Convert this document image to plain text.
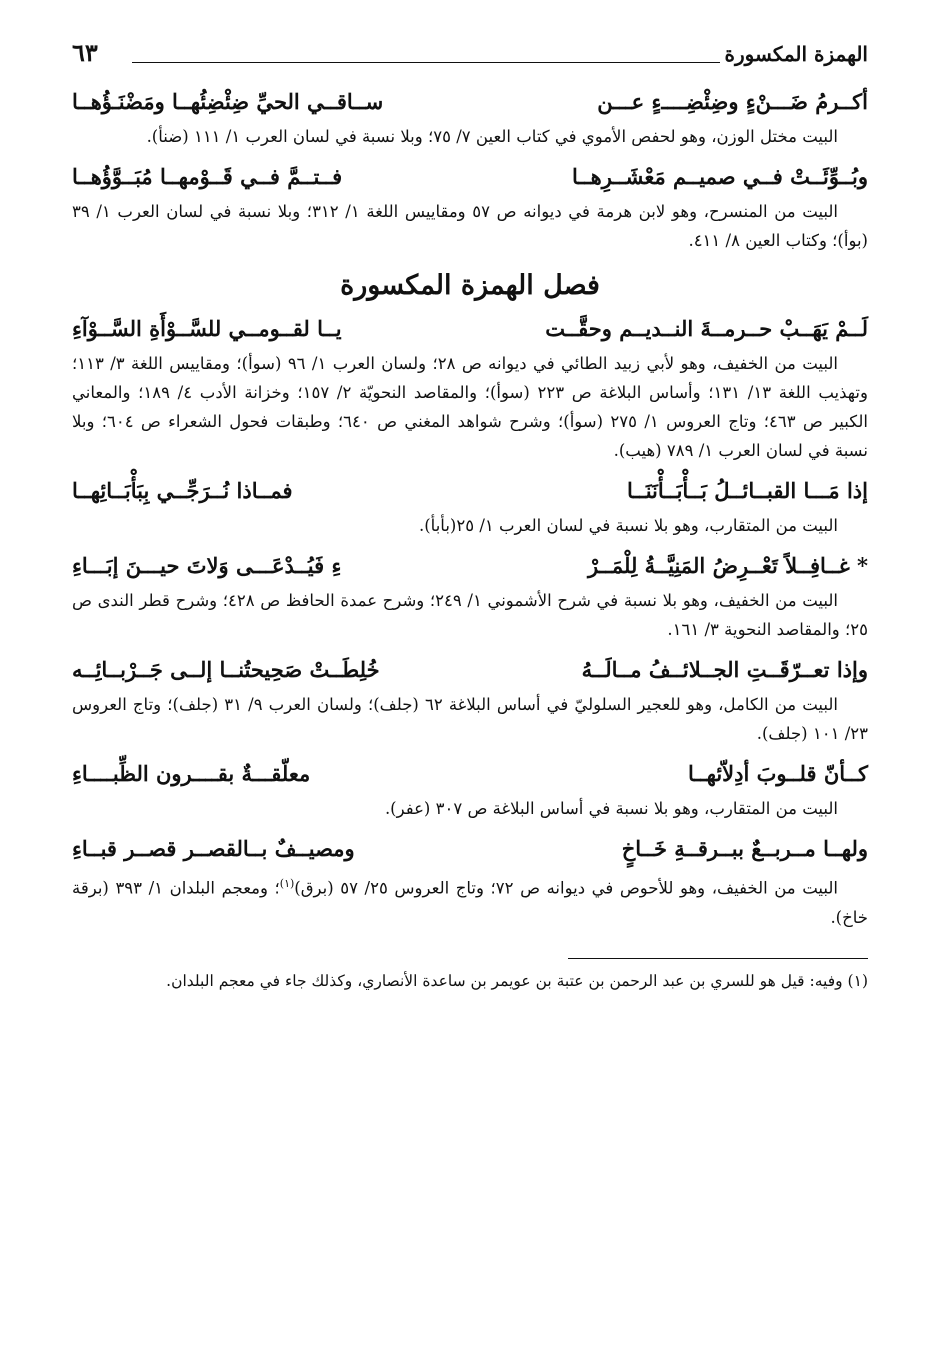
الهمزة المكسورة
٦٣
أكــرمُ ضَـــنْءٍ وضِئْضِــــءٍ عـــن
ســاقــي الحيِّ ضِئْضِئُهــا ومَضْنَـؤُهــا
البيت مختل الوزن، وهو لحفص الأموي في كتاب العين ٧/ ٧٥؛ وبلا نسبة في لسان العرب ١/ ١١١ (ضنأ).
وبُــوِّئَــتْ فــي صميــم مَعْشَــرِهــا
فــتــمَّ فــي قَــوْمهــا مُبَــوَّؤُهــا
البيت من المنسرح، وهو لابن هرمة في ديوانه ص ٥٧ ومقاييس اللغة ١/ ٣١٢؛ وبلا نسبة في لسان العرب ١/ ٣٩ (بوأ)؛ وكتاب العين ٨/ ٤١١.
فصل الهمزة المكسورة
لَــمْ يَهَــبْ حــرمــةَ النــديــم وحقَّــت
يــا لقــومــي للسَّــوْأَةِ السَّــوْآءِ
البيت من الخفيف، وهو لأبي زبيد الطائي في ديوانه ص ٢٨؛ ولسان العرب ١/ ٩٦ (سوأ)؛ ومقاييس اللغة ٣/ ١١٣؛ وتهذيب اللغة ١٣/ ١٣١؛ وأساس البلاغة ص ٢٢٣ (سوأ)؛ والمقاصد النحويّة ٢/ ١٥٧؛ وخزانة الأدب ٤/ ١٨٩؛ والمعاني الكبير ص ٤٦٣؛ وتاج العروس ١/ ٢٧٥ (سوأ)؛ وشرح شواهد المغني ص ٦٤٠؛ وطبقات فحول الشعراء ص ٦٠٤؛ وبلا نسبة في لسان العرب ١/ ٧٨٩ (هيب).
إذا مَـــا القبــائــلُ بَــأْبَــأْنَنَــا
فمــاذا نُــرَجِّــي بِبَأْبَــائِهــا
البيت من المتقارب، وهو بلا نسبة في لسان العرب ١/ ٢٥(بأبأ).
* غــافِــلاً تَعْــرِضُ المَنِيَّــةُ لِلْمَــرْ
ءِ فَيُــدْعَـــى وَلاتَ حيـــنَ إبَـــاءِ
البيت من الخفيف، وهو بلا نسبة في شرح الأشموني ١/ ٢٤٩؛ وشرح عمدة الحافظ ص ٤٢٨؛ وشرح قطر الندى ص ٢٥؛ والمقاصد النحوية ٣/ ١٦١.
وإذا تعــرّقَــتِ الجــلائــفُ مــالَــهُ
خُلِطَــتْ صَحِيحتُنــا إلــى جَــرْبــائِــه
البيت من الكامل، وهو للعجير السلوليّ في أساس البلاغة ٦٢ (جلف)؛ ولسان العرب ٩/ ٣١ (جلف)؛ وتاج العروس ٢٣/ ١٠١ (جلف).
كــأنّ قلــوبَ أدِلاّئهــا
معلّقـــةٌ بقــــرون الظِّبــــاءِ
البيت من المتقارب، وهو بلا نسبة في أساس البلاغة ص ٣٠٧ (عفر).
ولهــا مــربــعٌ ببــرقــةِ خَــاخٍ
ومصيــفٌ بــالقصــر قصــر قبــاءِ
البيت من الخفيف، وهو للأحوص في ديوانه ص ٧٢؛ وتاج العروس ٢٥/ ٥٧ (برق)$^{(١)}$؛ ومعجم البلدان ١/ ٣٩٣ (برقة خاخ).
(١) وفيه: قيل هو للسري بن عبد الرحمن بن عتبة بن عويمر بن ساعدة الأنصاري، وكذلك جاء في معجم البلدان.
